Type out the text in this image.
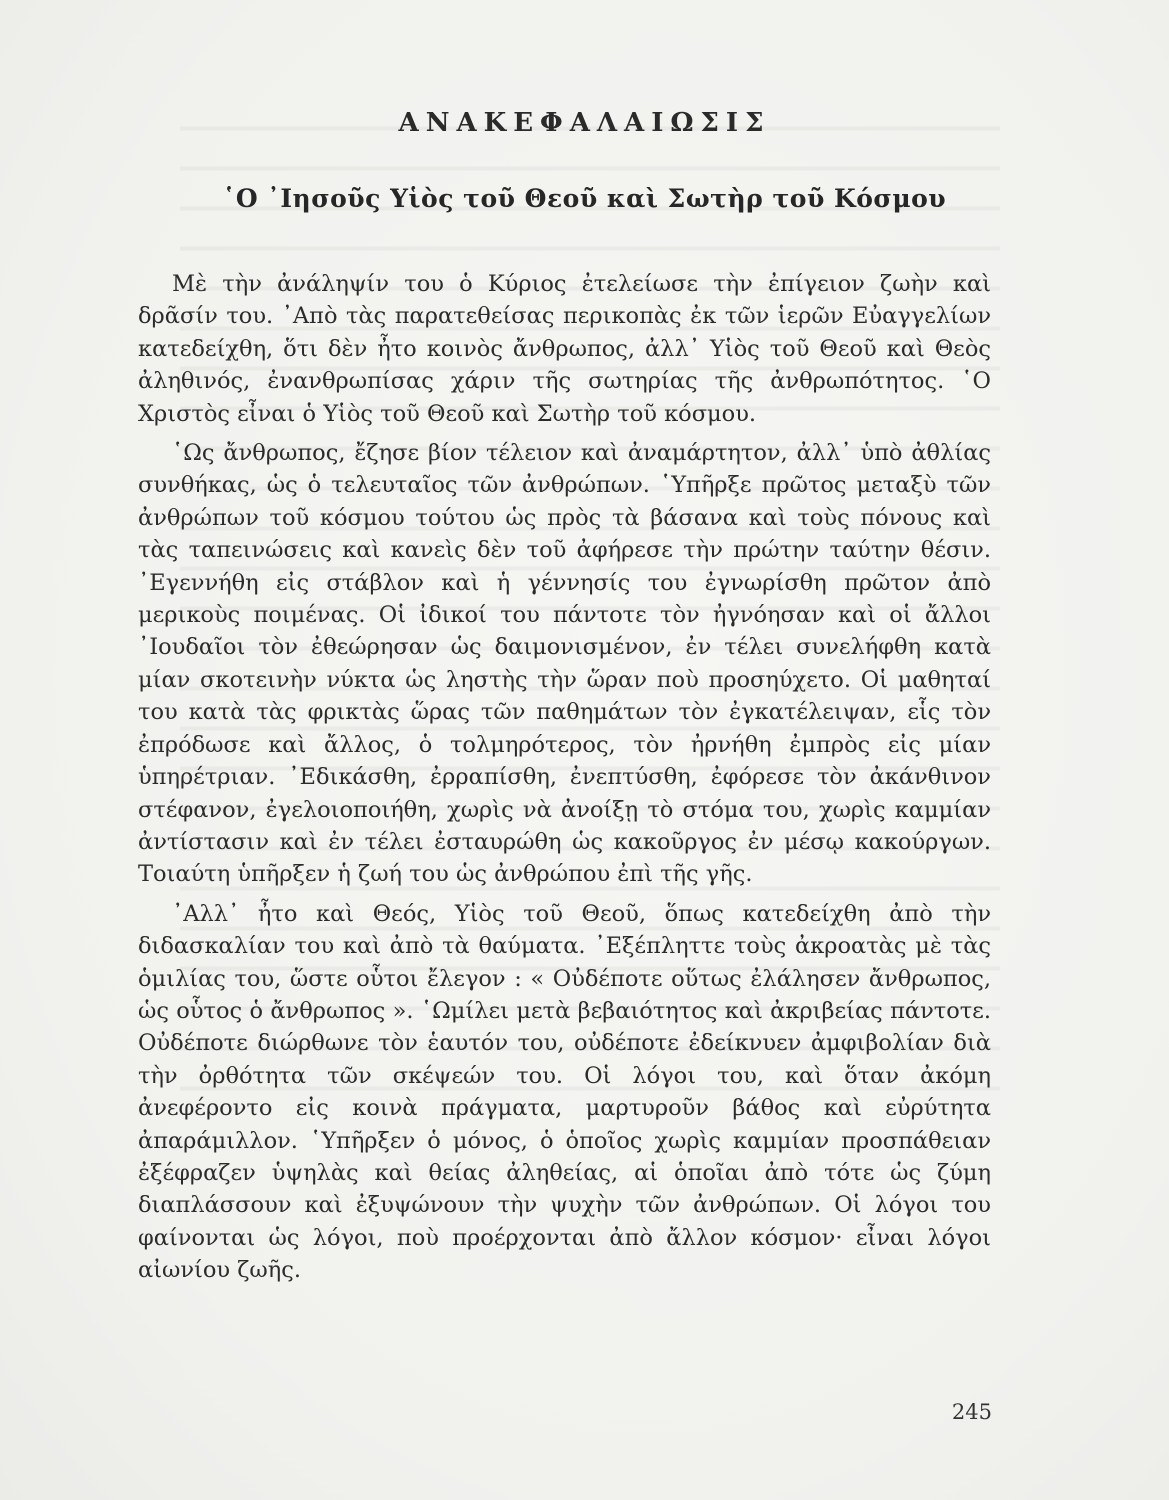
ΑΝΑΚΕΦΑΛΑΙΩΣΙΣ
῾Ο ᾿Ιησοῦς Υἱὸς τοῦ Θεοῦ καὶ Σωτὴρ τοῦ Κόσμου

Μὲ τὴν ἀνάληψίν του ὁ Κύριος ἐτελείωσε τὴν ἐπίγειον ζωὴν καὶ δρᾶσίν του. ᾿Απὸ τὰς παρατεθείσας περικοπὰς ἐκ τῶν ἱερῶν Εὐαγγελίων κατεδείχθη, ὅτι δὲν ἦτο κοινὸς ἄνθρωπος, ἀλλ᾿ Υἱὸς τοῦ Θεοῦ καὶ Θεὸς ἀληθινός, ἐνανθρωπίσας χάριν τῆς σωτηρίας τῆς ἀνθρωπότητος. ῾Ο Χριστὸς εἶναι ὁ Υἱὸς τοῦ Θεοῦ καὶ Σωτὴρ τοῦ κόσμου.

῾Ως ἄνθρωπος, ἔζησε βίον τέλειον καὶ ἀναμάρτητον, ἀλλ᾿ ὑπὸ ἀθλίας συνθήκας, ὡς ὁ τελευταῖος τῶν ἀνθρώπων. ῾Υπῆρξε πρῶτος μεταξὺ τῶν ἀνθρώπων τοῦ κόσμου τούτου ὡς πρὸς τὰ βάσανα καὶ τοὺς πόνους καὶ τὰς ταπεινώσεις καὶ κανεὶς δὲν τοῦ ἀφήρεσε τὴν πρώτην ταύτην θέσιν. ᾿Εγεννήθη εἰς στάβλον καὶ ἡ γέννησίς του ἐγνωρίσθη πρῶτον ἀπὸ μερικοὺς ποιμένας. Οἱ ἰδικοί του πάντοτε τὸν ἠγνόησαν καὶ οἱ ἄλλοι ᾿Ιουδαῖοι τὸν ἐθεώρησαν ὡς δαιμονισμένον, ἐν τέλει συνελήφθη κατὰ μίαν σκοτεινὴν νύκτα ὡς ληστὴς τὴν ὥραν ποὺ προσηύχετο. Οἱ μαθηταί του κατὰ τὰς φρικτὰς ὥρας τῶν παθημάτων τὸν ἐγκατέλειψαν, εἷς τὸν ἐπρόδωσε καὶ ἄλλος, ὁ τολμηρότερος, τὸν ἠρνήθη ἐμπρὸς εἰς μίαν ὑπηρέτριαν. ᾿Εδικάσθη, ἐρραπίσθη, ἐνεπτύσθη, ἐφόρεσε τὸν ἀκάνθινον στέφανον, ἐγελοιοποιήθη, χωρὶς νὰ ἀνοίξῃ τὸ στόμα του, χωρὶς καμμίαν ἀντίστασιν καὶ ἐν τέλει ἐσταυρώθη ὡς κακοῦργος ἐν μέσῳ κακούργων. Τοιαύτη ὑπῆρξεν ἡ ζωή του ὡς ἀνθρώπου ἐπὶ τῆς γῆς.

᾿Αλλ᾿ ἦτο καὶ Θεός, Υἱὸς τοῦ Θεοῦ, ὅπως κατεδείχθη ἀπὸ τὴν διδασκαλίαν του καὶ ἀπὸ τὰ θαύματα. ᾿Εξέπληττε τοὺς ἀκροατὰς μὲ τὰς ὁμιλίας του, ὥστε οὗτοι ἔλεγον : « Οὐδέποτε οὕτως ἐλάλησεν ἄνθρωπος, ὡς οὗτος ὁ ἄνθρωπος ». ῾Ωμίλει μετὰ βεβαιότητος καὶ ἀκριβείας πάντοτε. Οὐδέποτε διώρθωνε τὸν ἑαυτόν του, οὐδέποτε ἐδείκνυεν ἀμφιβολίαν διὰ τὴν ὀρθότητα τῶν σκέψεών του. Οἱ λόγοι του, καὶ ὅταν ἀκόμη ἀνεφέροντο εἰς κοινὰ πράγματα, μαρτυροῦν βάθος καὶ εὐρύτητα ἀπαράμιλλον. ῾Υπῆρξεν ὁ μόνος, ὁ ὁποῖος χωρὶς καμμίαν προσπάθειαν ἐξέφραζεν ὑψηλὰς καὶ θείας ἀληθείας, αἱ ὁποῖαι ἀπὸ τότε ὡς ζύμη διαπλάσσουν καὶ ἐξυψώνουν τὴν ψυχὴν τῶν ἀνθρώπων. Οἱ λόγοι του φαίνονται ὡς λόγοι, ποὺ προέρχονται ἀπὸ ἄλλον κόσμον· εἶναι λόγοι αἰωνίου ζωῆς.

245
